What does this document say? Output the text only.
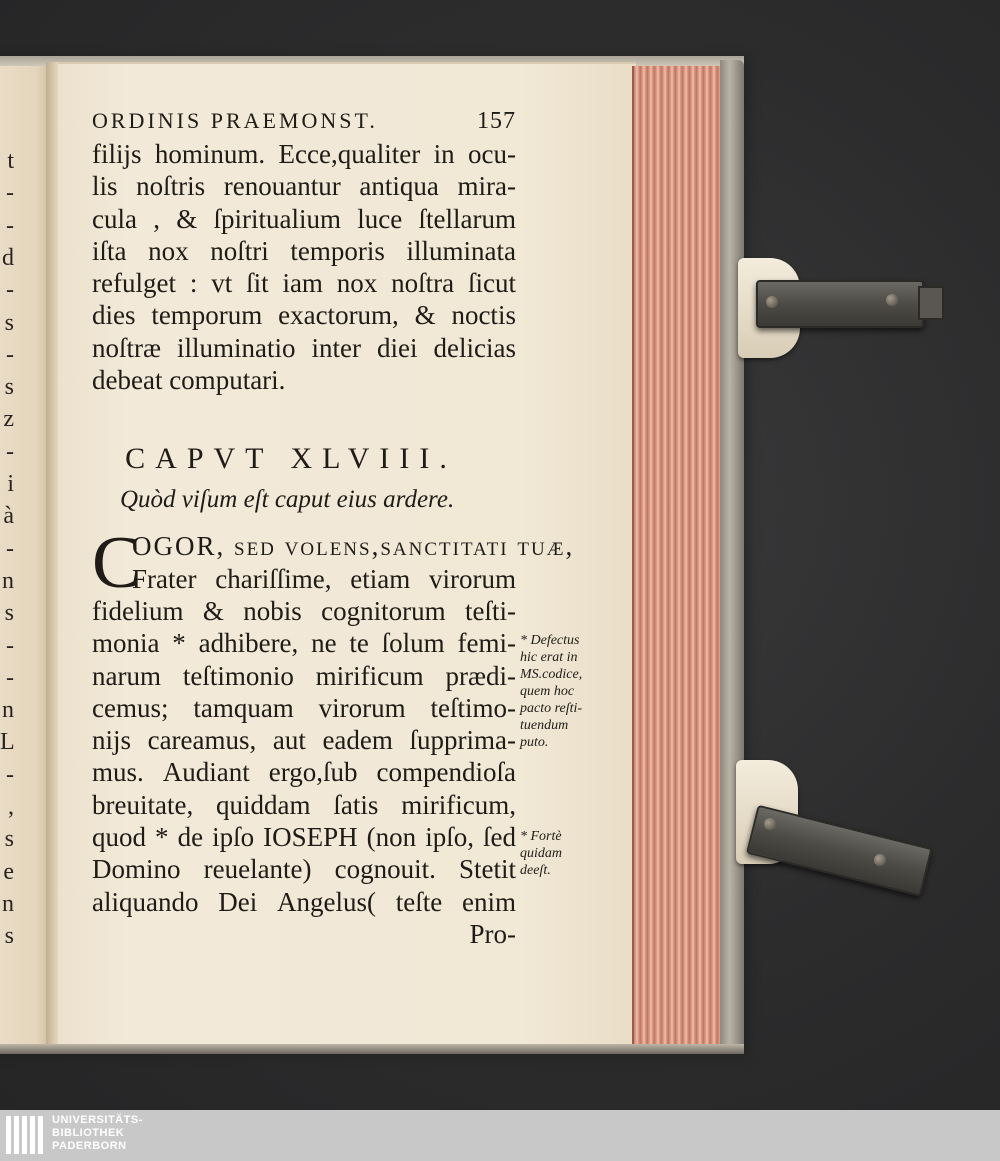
t
-
-
d
-
s
-
s
z
-
i
à
-
n
s
-
-
n
L
-
,
s
e
n
s
ORDINIS PRAEMONST.	157
filijs hominum. Ecce,qualiter in ocu-
lis noſtris renouantur antiqua mira-
cula , & ſpiritualium luce ſtellarum
iſta nox noſtri temporis illuminata
refulget : vt ſit iam nox noſtra ſicut
dies temporum exactorum, & noctis
noſtræ illuminatio inter diei delicias
debeat computari.
CAPVT XLVIII.
Quòd viſum eſt caput eius ardere.
C
OGOR, ſed volens,ſanctitati tuæ,
Frater chariſſime, etiam virorum
fidelium & nobis cognitorum teſti-
monia * adhibere, ne te ſolum femi-
narum teſtimonio mirificum prædi-
cemus; tamquam virorum teſtimo-
nijs careamus, aut eadem ſupprima-
mus. Audiant ergo,ſub compendioſa
breuitate, quiddam ſatis mirificum,
quod * de ipſo IOSEPH (non ipſo, ſed
Domino reuelante) cognouit. Stetit
aliquando Dei Angelus( teſte enim
Pro-
* Defectus
hic erat in
MS.codice,
quem hoc
pacto reſti-
tuendum
puto.
* Fortè
quidam
deeſt.
UNIVERSITÄTS-
BIBLIOTHEK
PADERBORN
